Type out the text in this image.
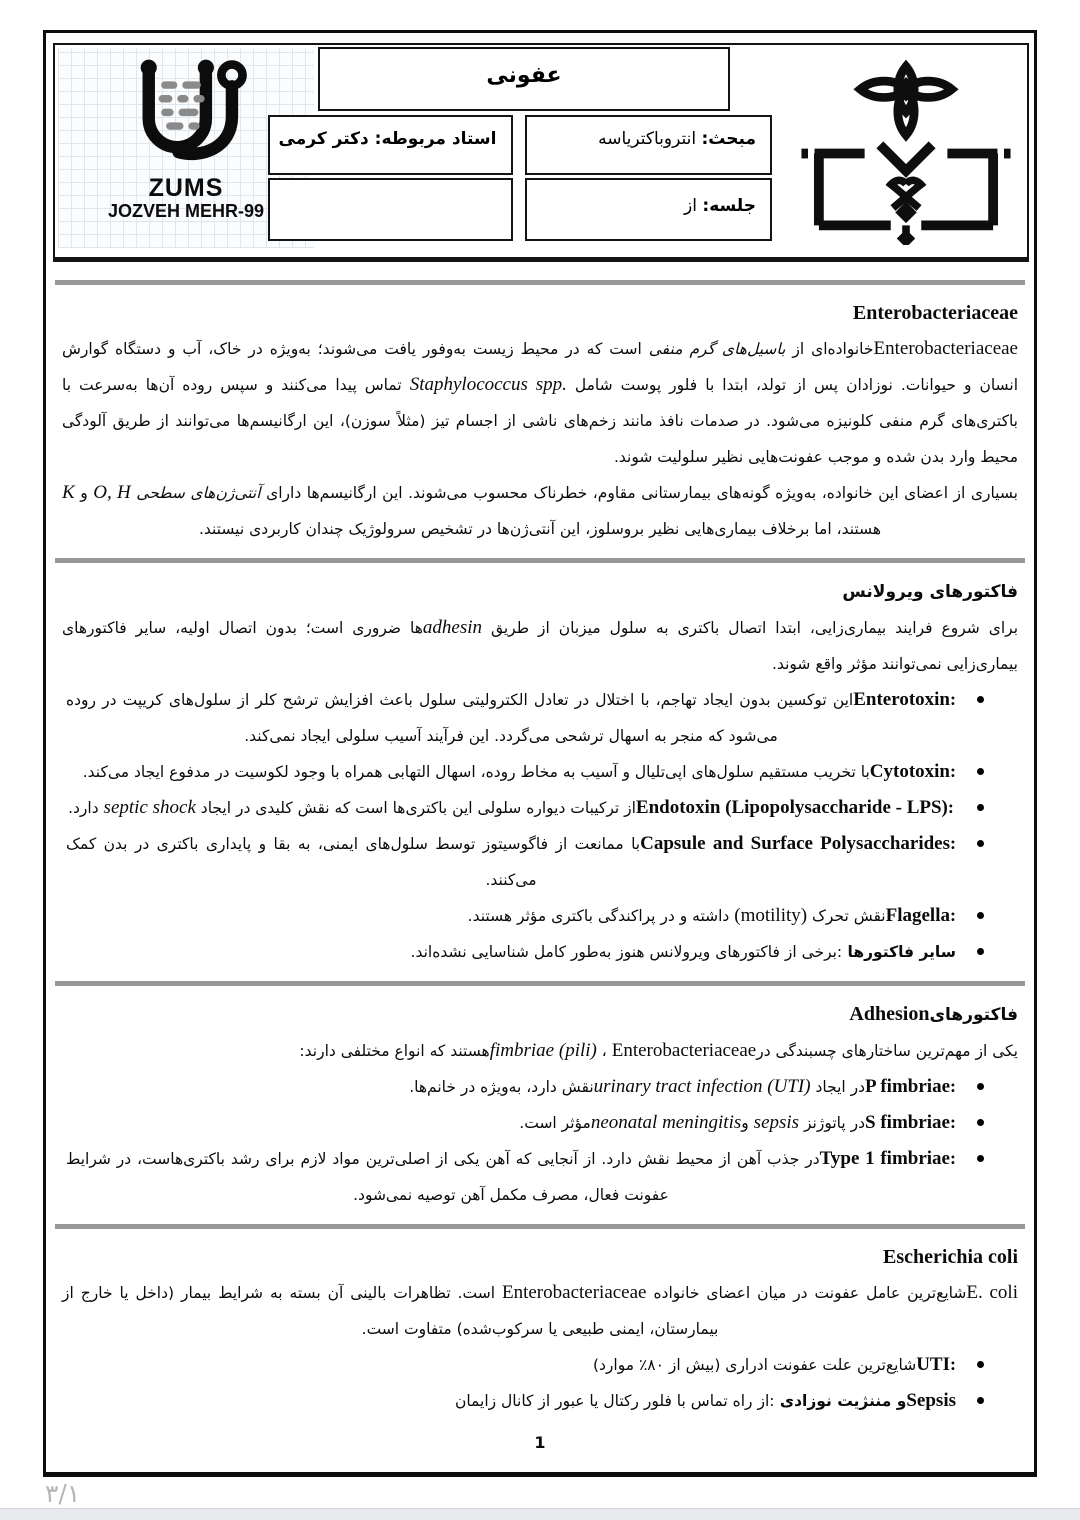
ZUMS
JOZVEH MEHR-99
عفونی
استاد مربوطه: دکتر کرمی	مبحث: انتروباکتریاسه
جلسه: از
Enterobacteriaceae
Enterobacteriaceaeخانواده‌ای از باسیل‌های گرم منفی است که در محیط زیست به‌وفور یافت می‌شوند؛ به‌ویژه در خاک، آب و دستگاه گوارش انسان و حیوانات. نوزادان پس از تولد، ابتدا با فلور پوست شامل Staphylococcus spp. تماس پیدا می‌کنند و سپس روده آن‌ها به‌سرعت با باکتری‌های گرم منفی کلونیزه می‌شود. در صدمات نافذ مانند زخم‌های ناشی از اجسام تیز (مثلاً سوزن)، این ارگانیسم‌ها می‌توانند از طریق آلودگی محیط وارد بدن شده و موجب عفونت‌هایی نظیر سلولیت شوند.
بسیاری از اعضای این خانواده، به‌ویژه گونه‌های بیمارستانی مقاوم، خطرناک محسوب می‌شوند. این ارگانیسم‌ها دارای آنتی‌ژن‌های سطحی O, H و K هستند، اما برخلاف بیماری‌هایی نظیر بروسلوز، این آنتی‌ژن‌ها در تشخیص سرولوژیک چندان کاربردی نیستند.
فاکتورهای ویرولانس
برای شروع فرایند بیماری‌زایی، ابتدا اتصال باکتری به سلول میزبان از طریق adhesinها ضروری است؛ بدون اتصال اولیه، سایر فاکتورهای بیماری‌زایی نمی‌توانند مؤثر واقع شوند.
:Enterotoxinاین توکسین بدون ایجاد تهاجم، با اختلال در تعادل الکترولیتی سلول باعث افزایش ترشح کلر از سلول‌های کریپت در روده می‌شود که منجر به اسهال ترشحی می‌گردد. این فرآیند آسیب سلولی ایجاد نمی‌کند.
:Cytotoxinبا تخریب مستقیم سلول‌های اپی‌تلیال و آسیب به مخاط روده، اسهال التهابی همراه با وجود لکوسیت در مدفوع ایجاد می‌کند.
:Endotoxin (Lipopolysaccharide - LPS)از ترکیبات دیواره سلولی این باکتری‌ها است که نقش کلیدی در ایجاد septic shock دارد.
:Capsule and Surface Polysaccharidesبا ممانعت از فاگوسیتوز توسط سلول‌های ایمنی، به بقا و پایداری باکتری در بدن کمک می‌کنند.
:Flagellaنقش تحرک (motility) داشته و در پراکندگی باکتری مؤثر هستند.
سایر فاکتورها :برخی از فاکتورهای ویرولانس هنوز به‌طور کامل شناسایی نشده‌اند.
فاکتورهایAdhesion
یکی از مهم‌ترین ساختارهای چسبندگی درEnterobacteriaceae ، fimbriae (pili)هستند که انواع مختلفی دارند:
:P fimbriaeدر ایجاد urinary tract infection (UTI)نقش دارد، به‌ویژه در خانم‌ها.
:S fimbriaeدر پاتوژنز sepsis وneonatal meningitisمؤثر است.
:Type 1 fimbriaeدر جذب آهن از محیط نقش دارد. از آنجایی که آهن یکی از اصلی‌ترین مواد لازم برای رشد باکتری‌هاست، در شرایط عفونت فعال، مصرف مکمل آهن توصیه نمی‌شود.
Escherichia coli
E. coliشایع‌ترین عامل عفونت در میان اعضای خانواده Enterobacteriaceae است. تظاهرات بالینی آن بسته به شرایط بیمار (داخل یا خارج از بیمارستان، ایمنی طبیعی یا سرکوب‌شده) متفاوت است.
:UTIشایع‌ترین علت عفونت ادراری (بیش از ۸۰٪ موارد)
Sepsisو مننژیت نوزادی :از راه تماس با فلور رکتال یا عبور از کانال زایمان
1
۳/۱
